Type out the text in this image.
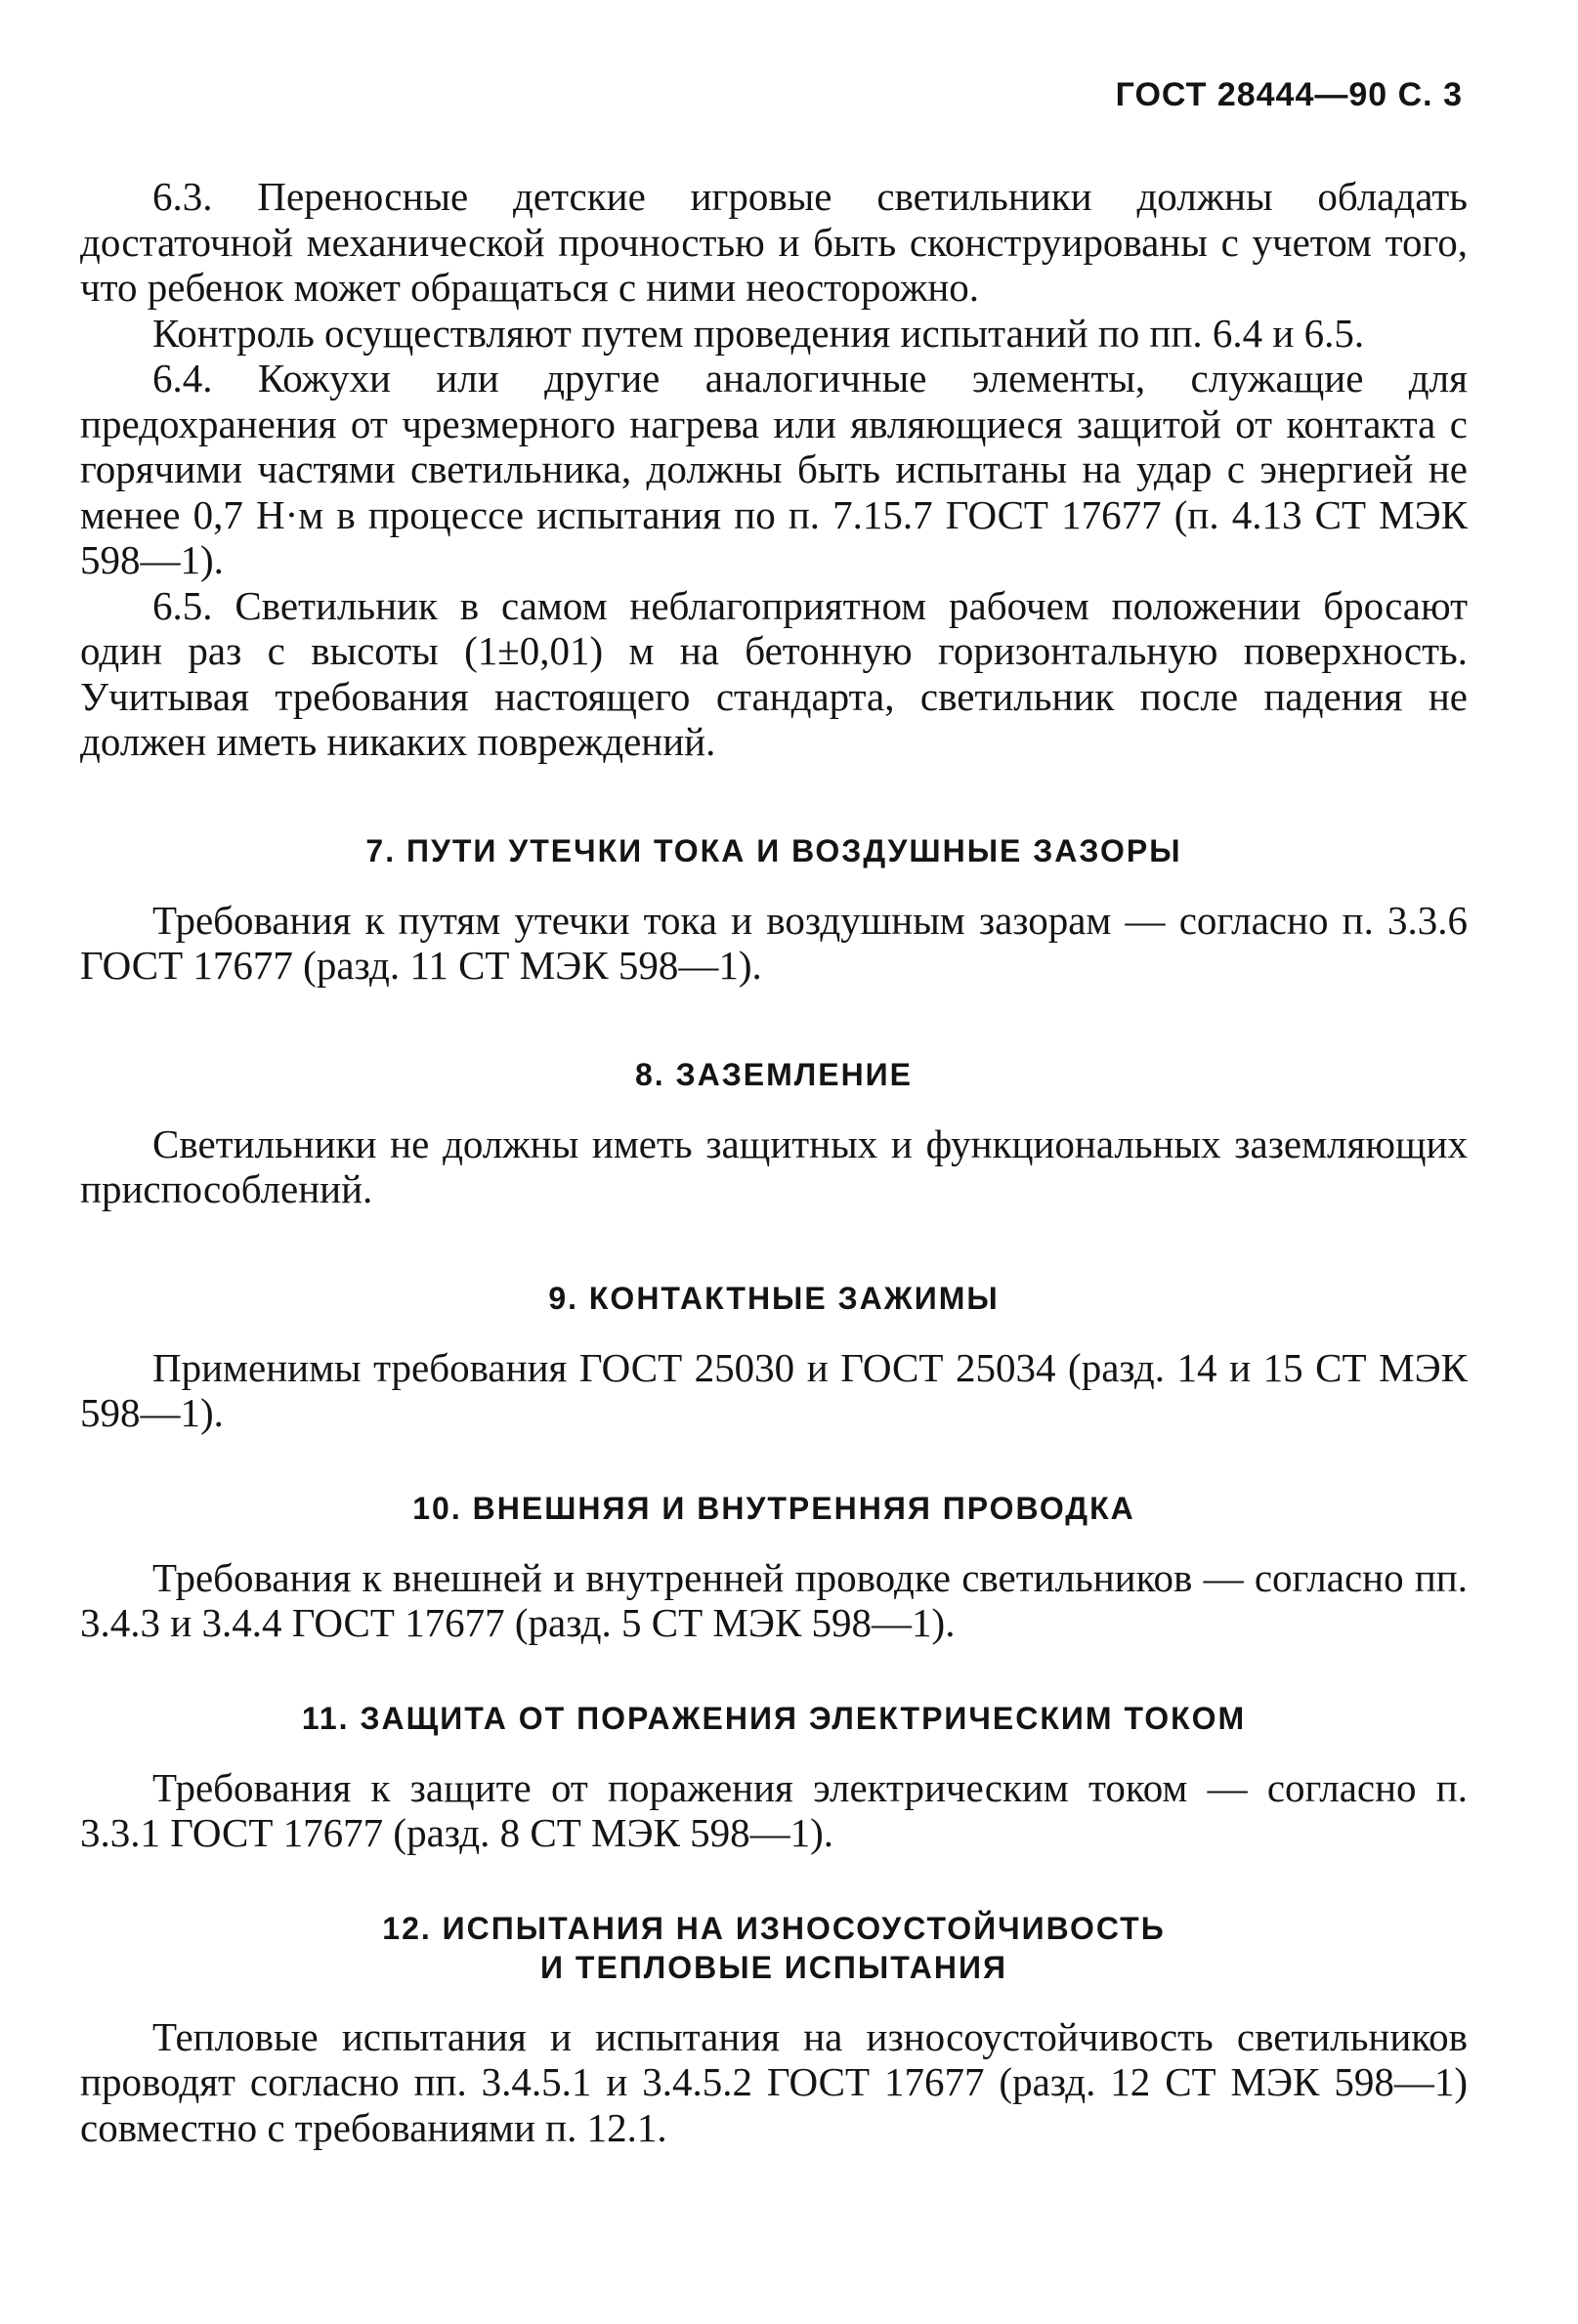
ГОСТ 28444—90 С. 3

6.3. Переносные детские игровые светильники должны обладать достаточной механической прочностью и быть сконструированы с учетом того, что ребенок может обращаться с ними неосторожно.

Контроль осуществляют путем проведения испытаний по пп. 6.4 и 6.5.

6.4. Кожухи или другие аналогичные элементы, служащие для предохранения от чрезмерного нагрева или являющиеся защитой от контакта с горячими частями светильника, должны быть испытаны на удар с энергией не менее 0,7 Н·м в процессе испытания по п. 7.15.7 ГОСТ 17677 (п. 4.13 СТ МЭК 598—1).

6.5. Светильник в самом неблагоприятном рабочем положении бросают один раз с высоты (1±0,01) м на бетонную горизонтальную поверхность. Учитывая требования настоящего стандарта, светильник после падения не должен иметь никаких повреждений.

7. ПУТИ УТЕЧКИ ТОКА И ВОЗДУШНЫЕ ЗАЗОРЫ

Требования к путям утечки тока и воздушным зазорам — согласно п. 3.3.6 ГОСТ 17677 (разд. 11 СТ МЭК 598—1).

8. ЗАЗЕМЛЕНИЕ

Светильники не должны иметь защитных и функциональных заземляющих приспособлений.

9. КОНТАКТНЫЕ ЗАЖИМЫ

Применимы требования ГОСТ 25030 и ГОСТ 25034 (разд. 14 и 15 СТ МЭК 598—1).

10. ВНЕШНЯЯ И ВНУТРЕННЯЯ ПРОВОДКА

Требования к внешней и внутренней проводке светильников — согласно пп. 3.4.3 и 3.4.4 ГОСТ 17677 (разд. 5 СТ МЭК 598—1).

11. ЗАЩИТА ОТ ПОРАЖЕНИЯ ЭЛЕКТРИЧЕСКИМ ТОКОМ

Требования к защите от поражения электрическим током — согласно п. 3.3.1 ГОСТ 17677 (разд. 8 СТ МЭК 598—1).

12. ИСПЫТАНИЯ НА ИЗНОСОУСТОЙЧИВОСТЬ
И ТЕПЛОВЫЕ ИСПЫТАНИЯ

Тепловые испытания и испытания на износоустойчивость светильников проводят согласно пп. 3.4.5.1 и 3.4.5.2 ГОСТ 17677 (разд. 12 СТ МЭК 598—1) совместно с требованиями п. 12.1.
